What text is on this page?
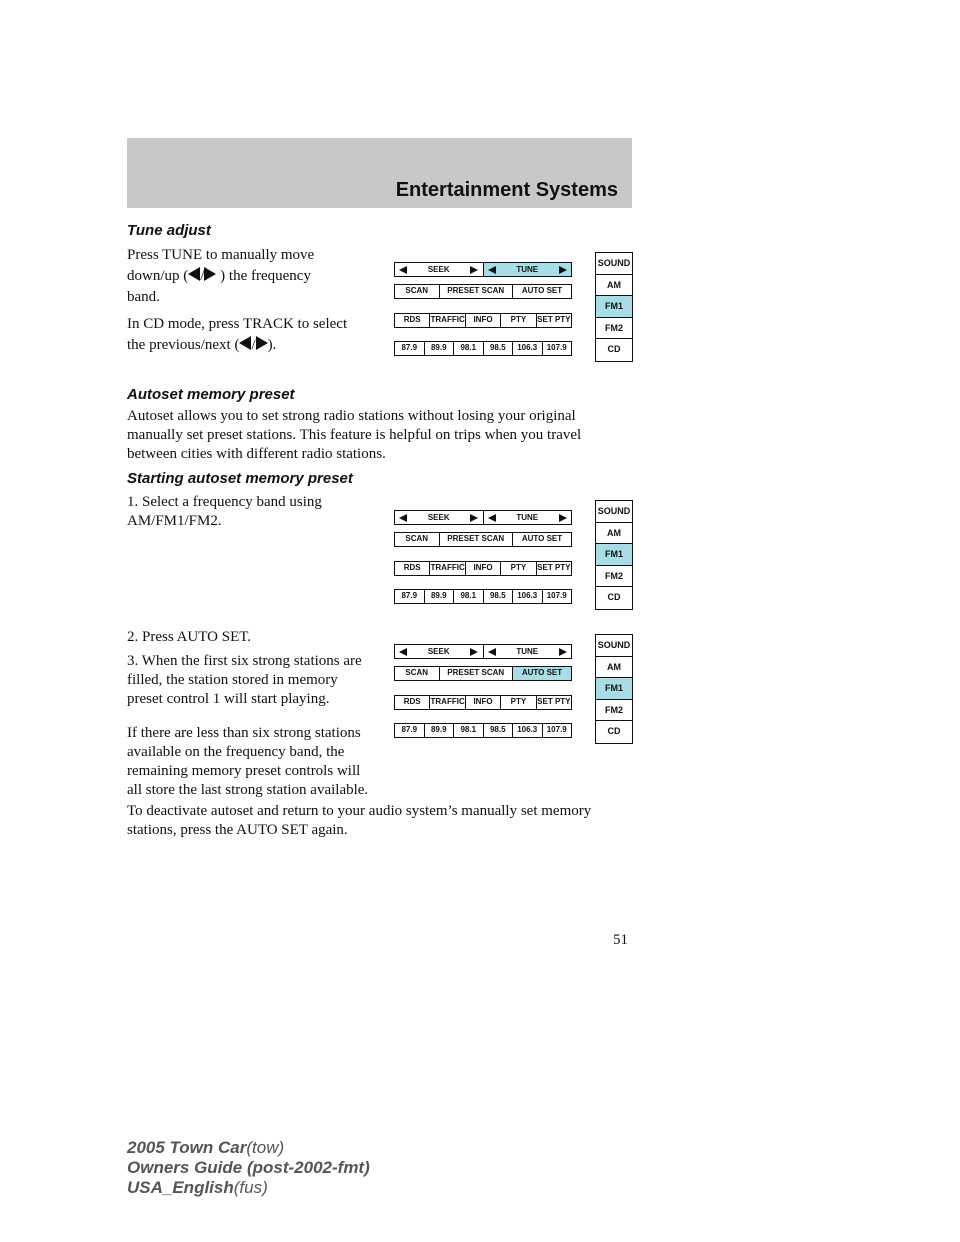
Entertainment Systems
Tune adjust

Press TUNE to manually move

down/up ( / ) the frequency

band.

In CD mode, press TRACK to select

the previous/next ( / ).

Autoset memory preset
Autoset allows you to set strong radio stations without losing your original manually set preset stations. This feature is helpful on trips when you travel between cities with different radio stations.
Starting autoset memory preset
1. Select a frequency band using AM/FM1/FM2.
2. Press AUTO SET.
3. When the first six strong stations are filled, the station stored in memory preset control 1 will start playing.
If there are less than six strong stations available on the frequency band, the remaining memory preset controls will all store the last strong station available.
To deactivate autoset and return to your audio system’s manually set memory stations, press the AUTO SET again.
SEEK	TUNE
SCAN	PRESET SCAN	AUTO SET
RDS	TRAFFIC	INFO	PTY	SET PTY
87.9	89.9	98.1	98.5	106.3	107.9
SOUND
AM
FM1
FM2
CD
SEEK	TUNE
SCAN	PRESET SCAN	AUTO SET
RDS	TRAFFIC	INFO	PTY	SET PTY
87.9	89.9	98.1	98.5	106.3	107.9
SOUND
AM
FM1
FM2
CD
SEEK	TUNE
SCAN	PRESET SCAN	AUTO SET
RDS	TRAFFIC	INFO	PTY	SET PTY
87.9	89.9	98.1	98.5	106.3	107.9
SOUND
AM
FM1
FM2
CD
51
2005 Town Car(tow)
Owners Guide (post-2002-fmt)
USA_English(fus)
